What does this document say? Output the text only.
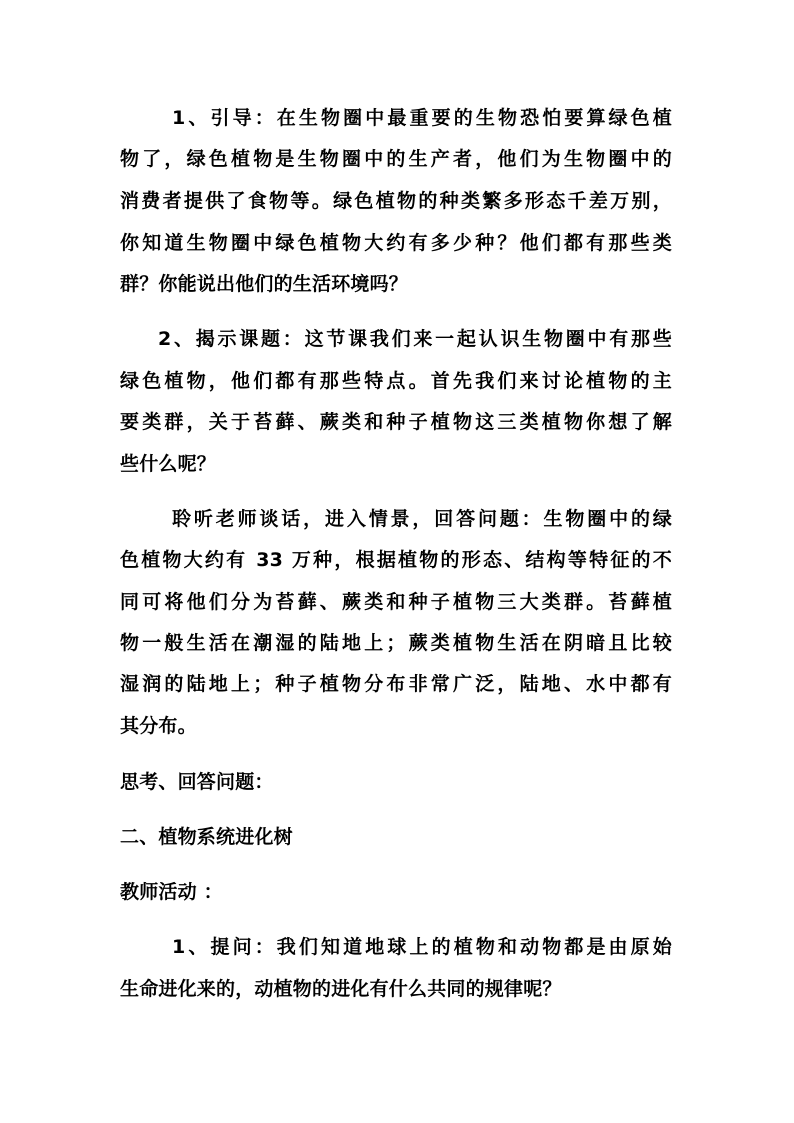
1、引导：在生物圈中最重要的生物恐怕要算绿色植
物了，绿色植物是生物圈中的生产者，他们为生物圈中的
消费者提供了食物等。绿色植物的种类繁多形态千差万别，
你知道生物圈中绿色植物大约有多少种？他们都有那些类
群？你能说出他们的生活环境吗？
2、揭示课题：这节课我们来一起认识生物圈中有那些
绿色植物，他们都有那些特点。首先我们来讨论植物的主
要类群，关于苔藓、蕨类和种子植物这三类植物你想了解
些什么呢？
聆听老师谈话，进入情景，回答问题：生物圈中的绿
色植物大约有 33 万种，根据植物的形态、结构等特征的不
同可将他们分为苔藓、蕨类和种子植物三大类群。苔藓植
物一般生活在潮湿的陆地上；蕨类植物生活在阴暗且比较
湿润的陆地上；种子植物分布非常广泛，陆地、水中都有
其分布。
思考、回答问题：
二、植物系统进化树
教师活动 ：
1、提问：我们知道地球上的植物和动物都是由原始
生命进化来的，动植物的进化有什么共同的规律呢？
